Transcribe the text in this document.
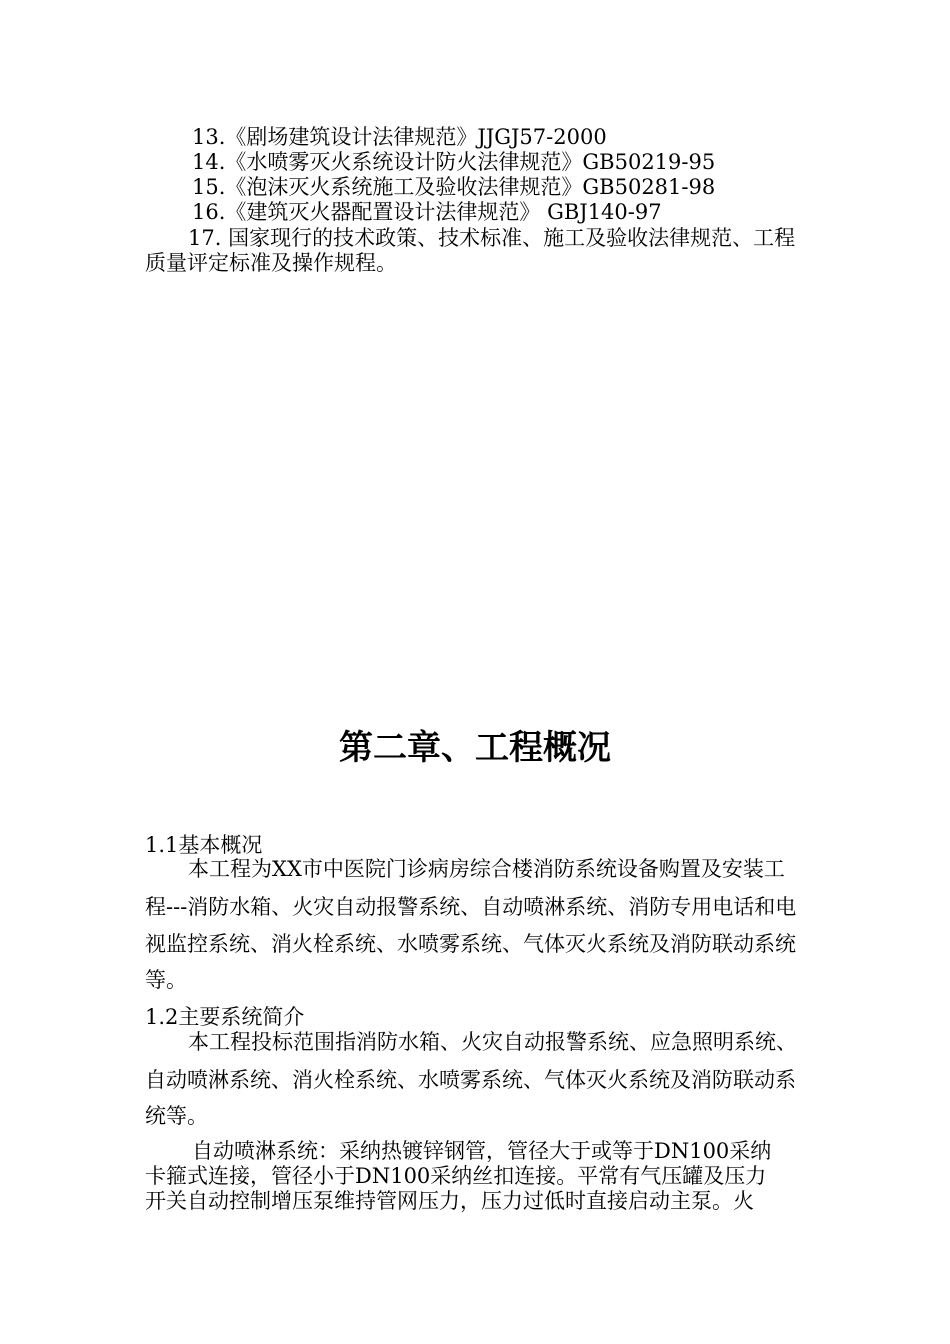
13.《剧场建筑设计法律规范》JJGJ57-2000
14.《水喷雾灭火系统设计防火法律规范》GB50219-95
15.《泡沫灭火系统施工及验收法律规范》GB50281-98
16.《建筑灭火器配置设计法律规范》 GBJ140-97
17. 国家现行的技术政策、技术标准、施工及验收法律规范、工程
质量评定标准及操作规程。
第二章、工程概况
1.1基本概况
本工程为XX市中医院门诊病房综合楼消防系统设备购置及安装工
程---消防水箱、火灾自动报警系统、自动喷淋系统、消防专用电话和电
视监控系统、消火栓系统、水喷雾系统、气体灭火系统及消防联动系统
等。
1.2主要系统简介
本工程投标范围指消防水箱、火灾自动报警系统、应急照明系统、
自动喷淋系统、消火栓系统、水喷雾系统、气体灭火系统及消防联动系
统等。
自动喷淋系统：采纳热镀锌钢管，管径大于或等于DN100采纳
卡箍式连接，管径小于DN100采纳丝扣连接。平常有气压罐及压力
开关自动控制增压泵维持管网压力，压力过低时直接启动主泵。火
